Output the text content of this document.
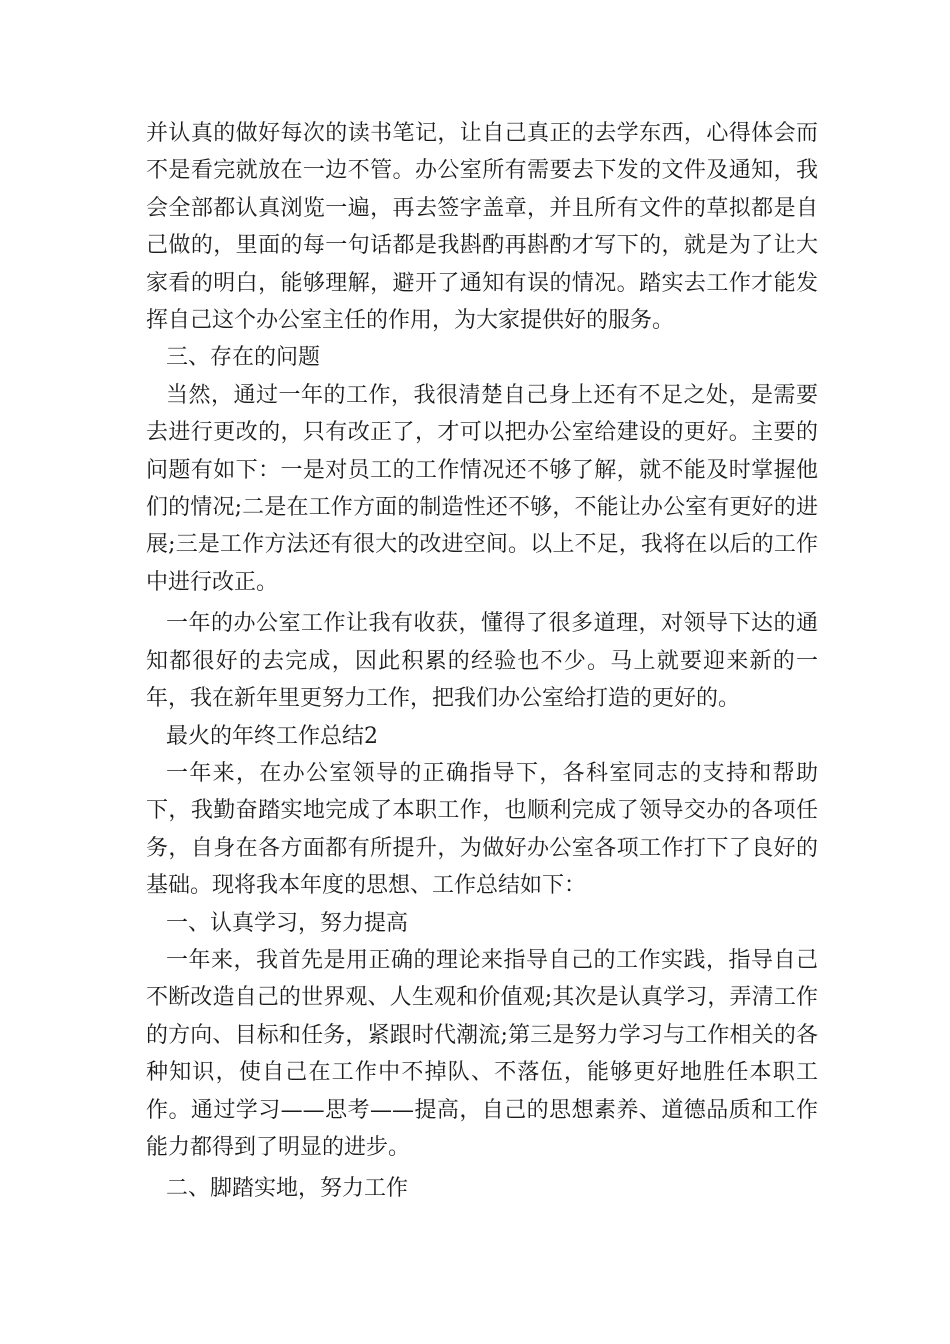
并认真的做好每次的读书笔记，让自己真正的去学东西，心得体会而不是看完就放在一边不管。办公室所有需要去下发的文件及通知，我会全部都认真浏览一遍，再去签字盖章，并且所有文件的草拟都是自己做的，里面的每一句话都是我斟酌再斟酌才写下的，就是为了让大家看的明白，能够理解，避开了通知有误的情况。踏实去工作才能发挥自己这个办公室主任的作用，为大家提供好的服务。

三、存在的问题

当然，通过一年的工作，我很清楚自己身上还有不足之处，是需要去进行更改的，只有改正了，才可以把办公室给建设的更好。主要的问题有如下：一是对员工的工作情况还不够了解，就不能及时掌握他们的情况;二是在工作方面的制造性还不够，不能让办公室有更好的进展;三是工作方法还有很大的改进空间。以上不足，我将在以后的工作中进行改正。

一年的办公室工作让我有收获，懂得了很多道理，对领导下达的通知都很好的去完成，因此积累的经验也不少。马上就要迎来新的一年，我在新年里更努力工作，把我们办公室给打造的更好的。

最火的年终工作总结2

一年来，在办公室领导的正确指导下，各科室同志的支持和帮助下，我勤奋踏实地完成了本职工作，也顺利完成了领导交办的各项任务，自身在各方面都有所提升，为做好办公室各项工作打下了良好的基础。现将我本年度的思想、工作总结如下：

一、认真学习，努力提高

一年来，我首先是用正确的理论来指导自己的工作实践，指导自己不断改造自己的世界观、人生观和价值观;其次是认真学习，弄清工作的方向、目标和任务，紧跟时代潮流;第三是努力学习与工作相关的各种知识，使自己在工作中不掉队、不落伍，能够更好地胜任本职工作。通过学习——思考——提高，自己的思想素养、道德品质和工作能力都得到了明显的进步。

二、脚踏实地，努力工作
